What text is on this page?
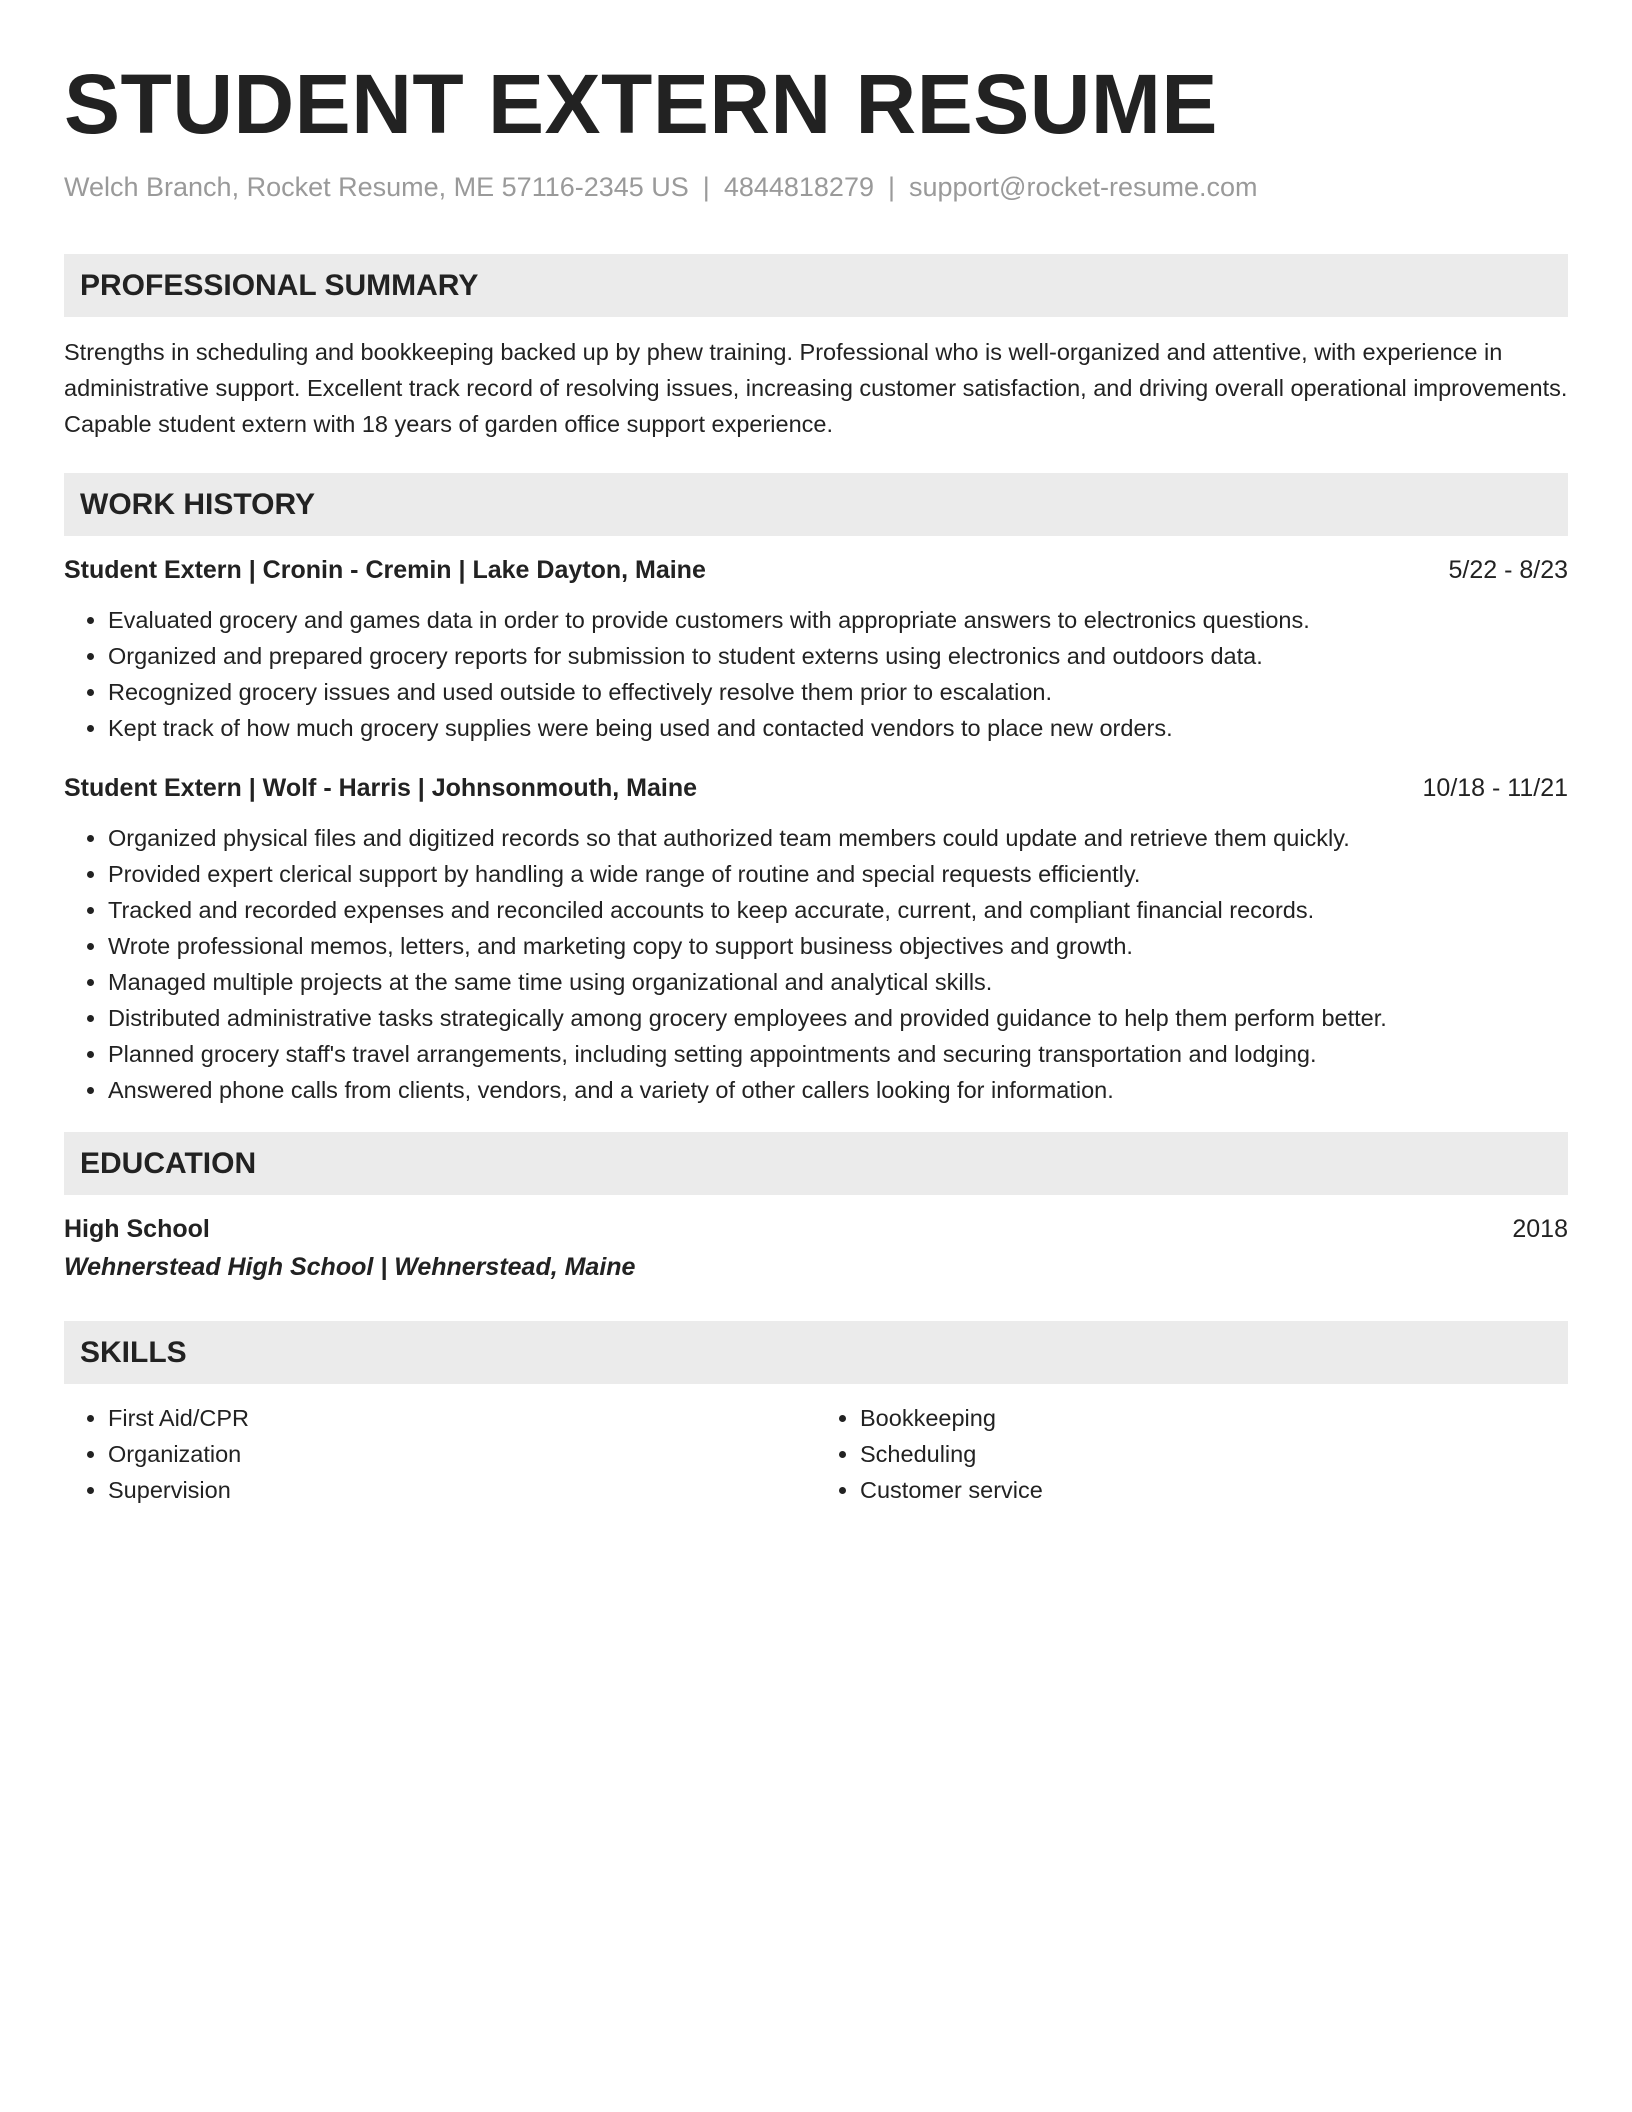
STUDENT EXTERN RESUME
Welch Branch, Rocket Resume, ME 57116-2345 US | 4844818279 | support@rocket-resume.com
PROFESSIONAL SUMMARY
Strengths in scheduling and bookkeeping backed up by phew training. Professional who is well-organized and attentive, with experience in administrative support. Excellent track record of resolving issues, increasing customer satisfaction, and driving overall operational improvements. Capable student extern with 18 years of garden office support experience.
WORK HISTORY
Student Extern | Cronin - Cremin | Lake Dayton, Maine	5/22 - 8/23
• Evaluated grocery and games data in order to provide customers with appropriate answers to electronics questions.
• Organized and prepared grocery reports for submission to student externs using electronics and outdoors data.
• Recognized grocery issues and used outside to effectively resolve them prior to escalation.
• Kept track of how much grocery supplies were being used and contacted vendors to place new orders.
Student Extern | Wolf - Harris | Johnsonmouth, Maine	10/18 - 11/21
• Organized physical files and digitized records so that authorized team members could update and retrieve them quickly.
• Provided expert clerical support by handling a wide range of routine and special requests efficiently.
• Tracked and recorded expenses and reconciled accounts to keep accurate, current, and compliant financial records.
• Wrote professional memos, letters, and marketing copy to support business objectives and growth.
• Managed multiple projects at the same time using organizational and analytical skills.
• Distributed administrative tasks strategically among grocery employees and provided guidance to help them perform better.
• Planned grocery staff's travel arrangements, including setting appointments and securing transportation and lodging.
• Answered phone calls from clients, vendors, and a variety of other callers looking for information.
EDUCATION
High School	2018
Wehnerstead High School | Wehnerstead, Maine
SKILLS
• First Aid/CPR
• Organization
• Supervision
• Bookkeeping
• Scheduling
• Customer service
